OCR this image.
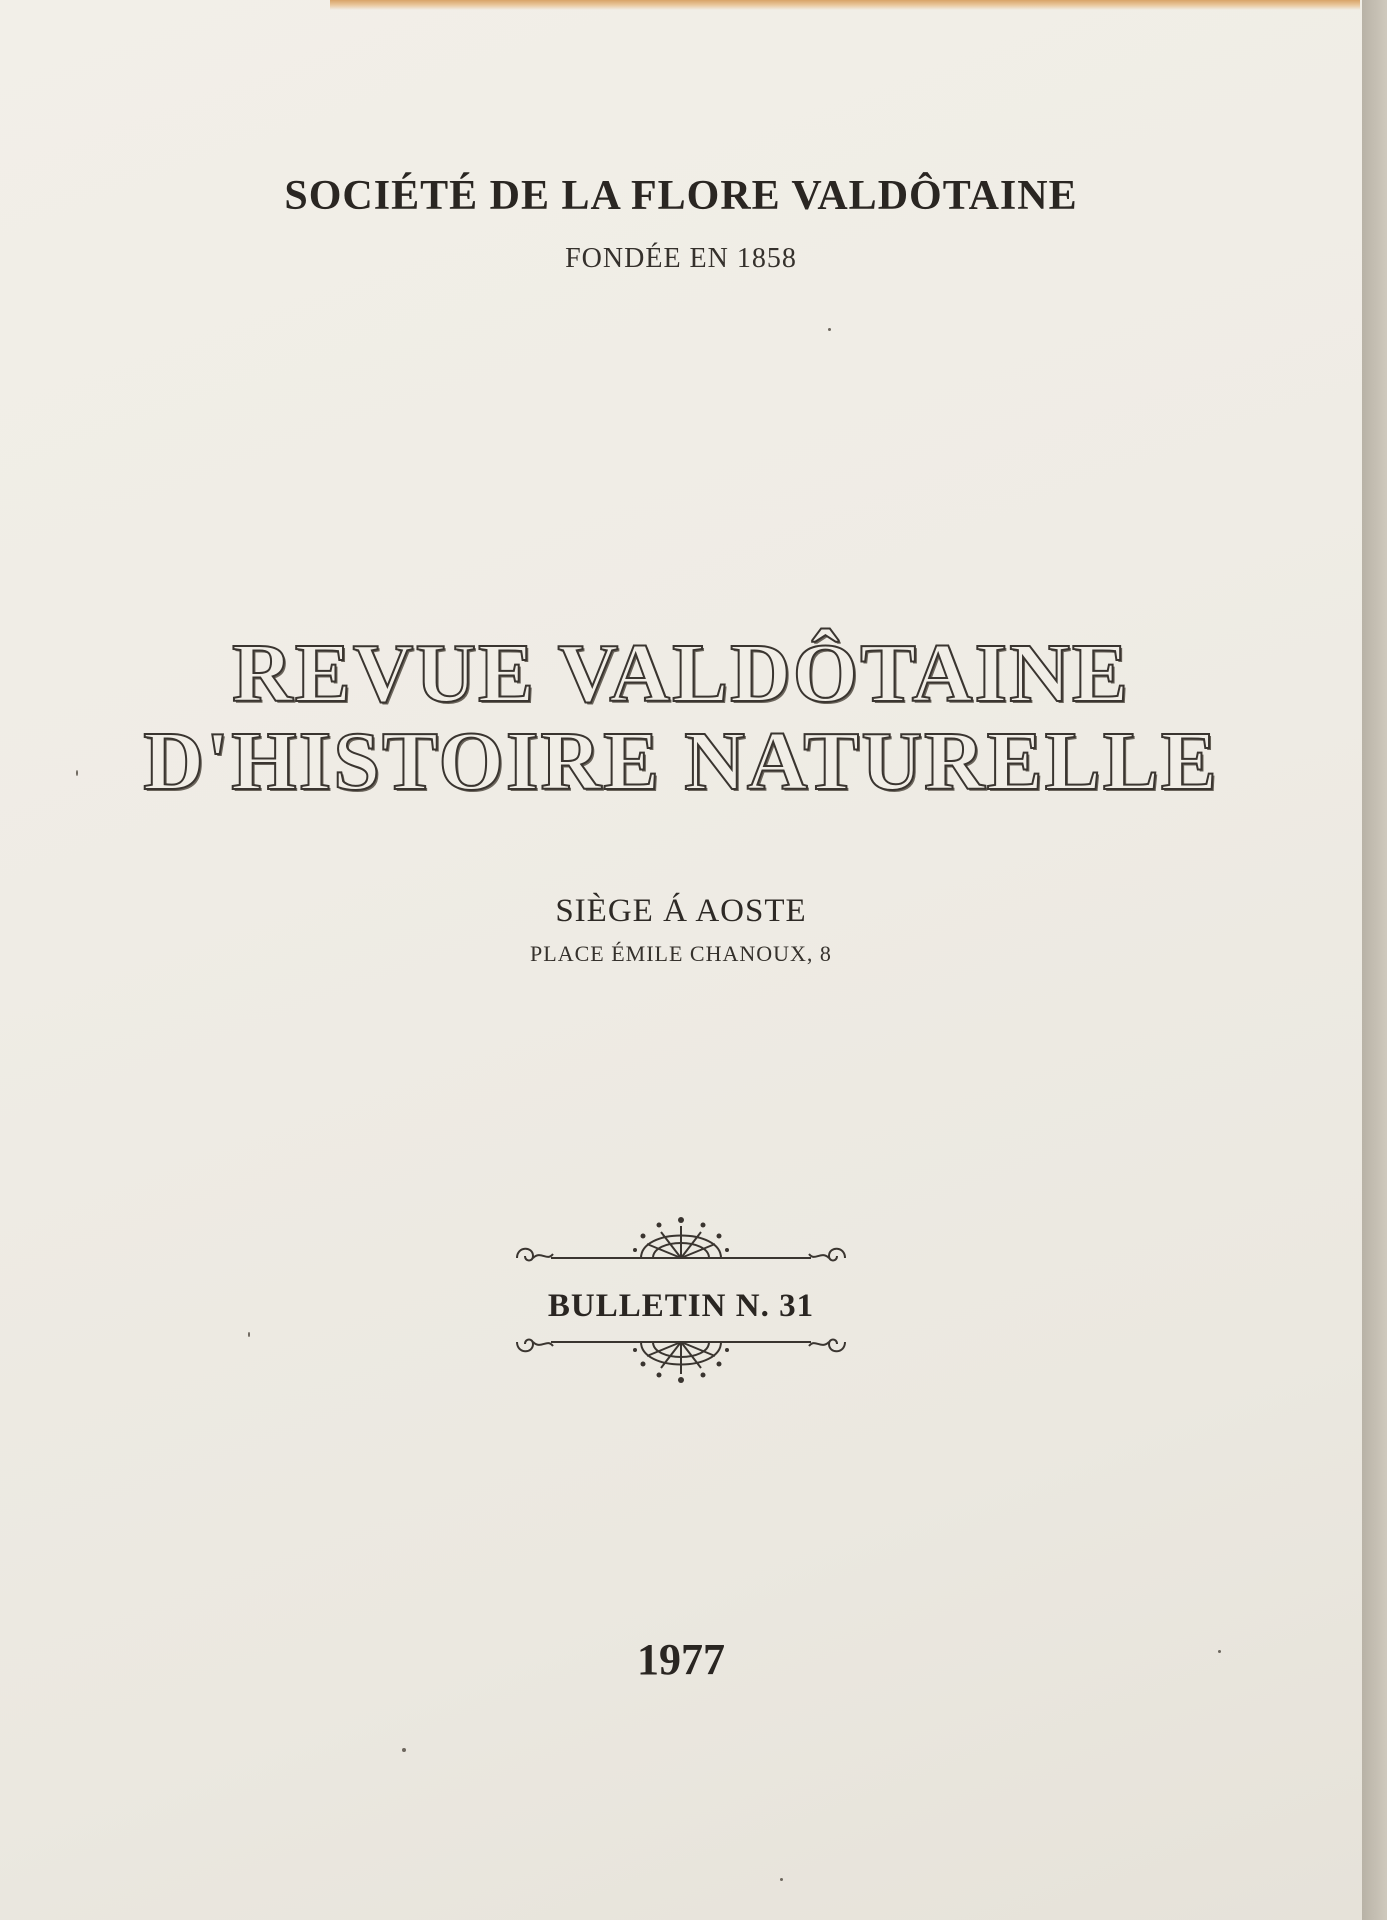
SOCIÉTÉ DE LA FLORE VALDÔTAINE
FONDÉE EN 1858
REVUE VALDÔTAINE
D'HISTOIRE NATURELLE
SIÈGE Á AOSTE
PLACE ÉMILE CHANOUX, 8
BULLETIN N. 31
1977
